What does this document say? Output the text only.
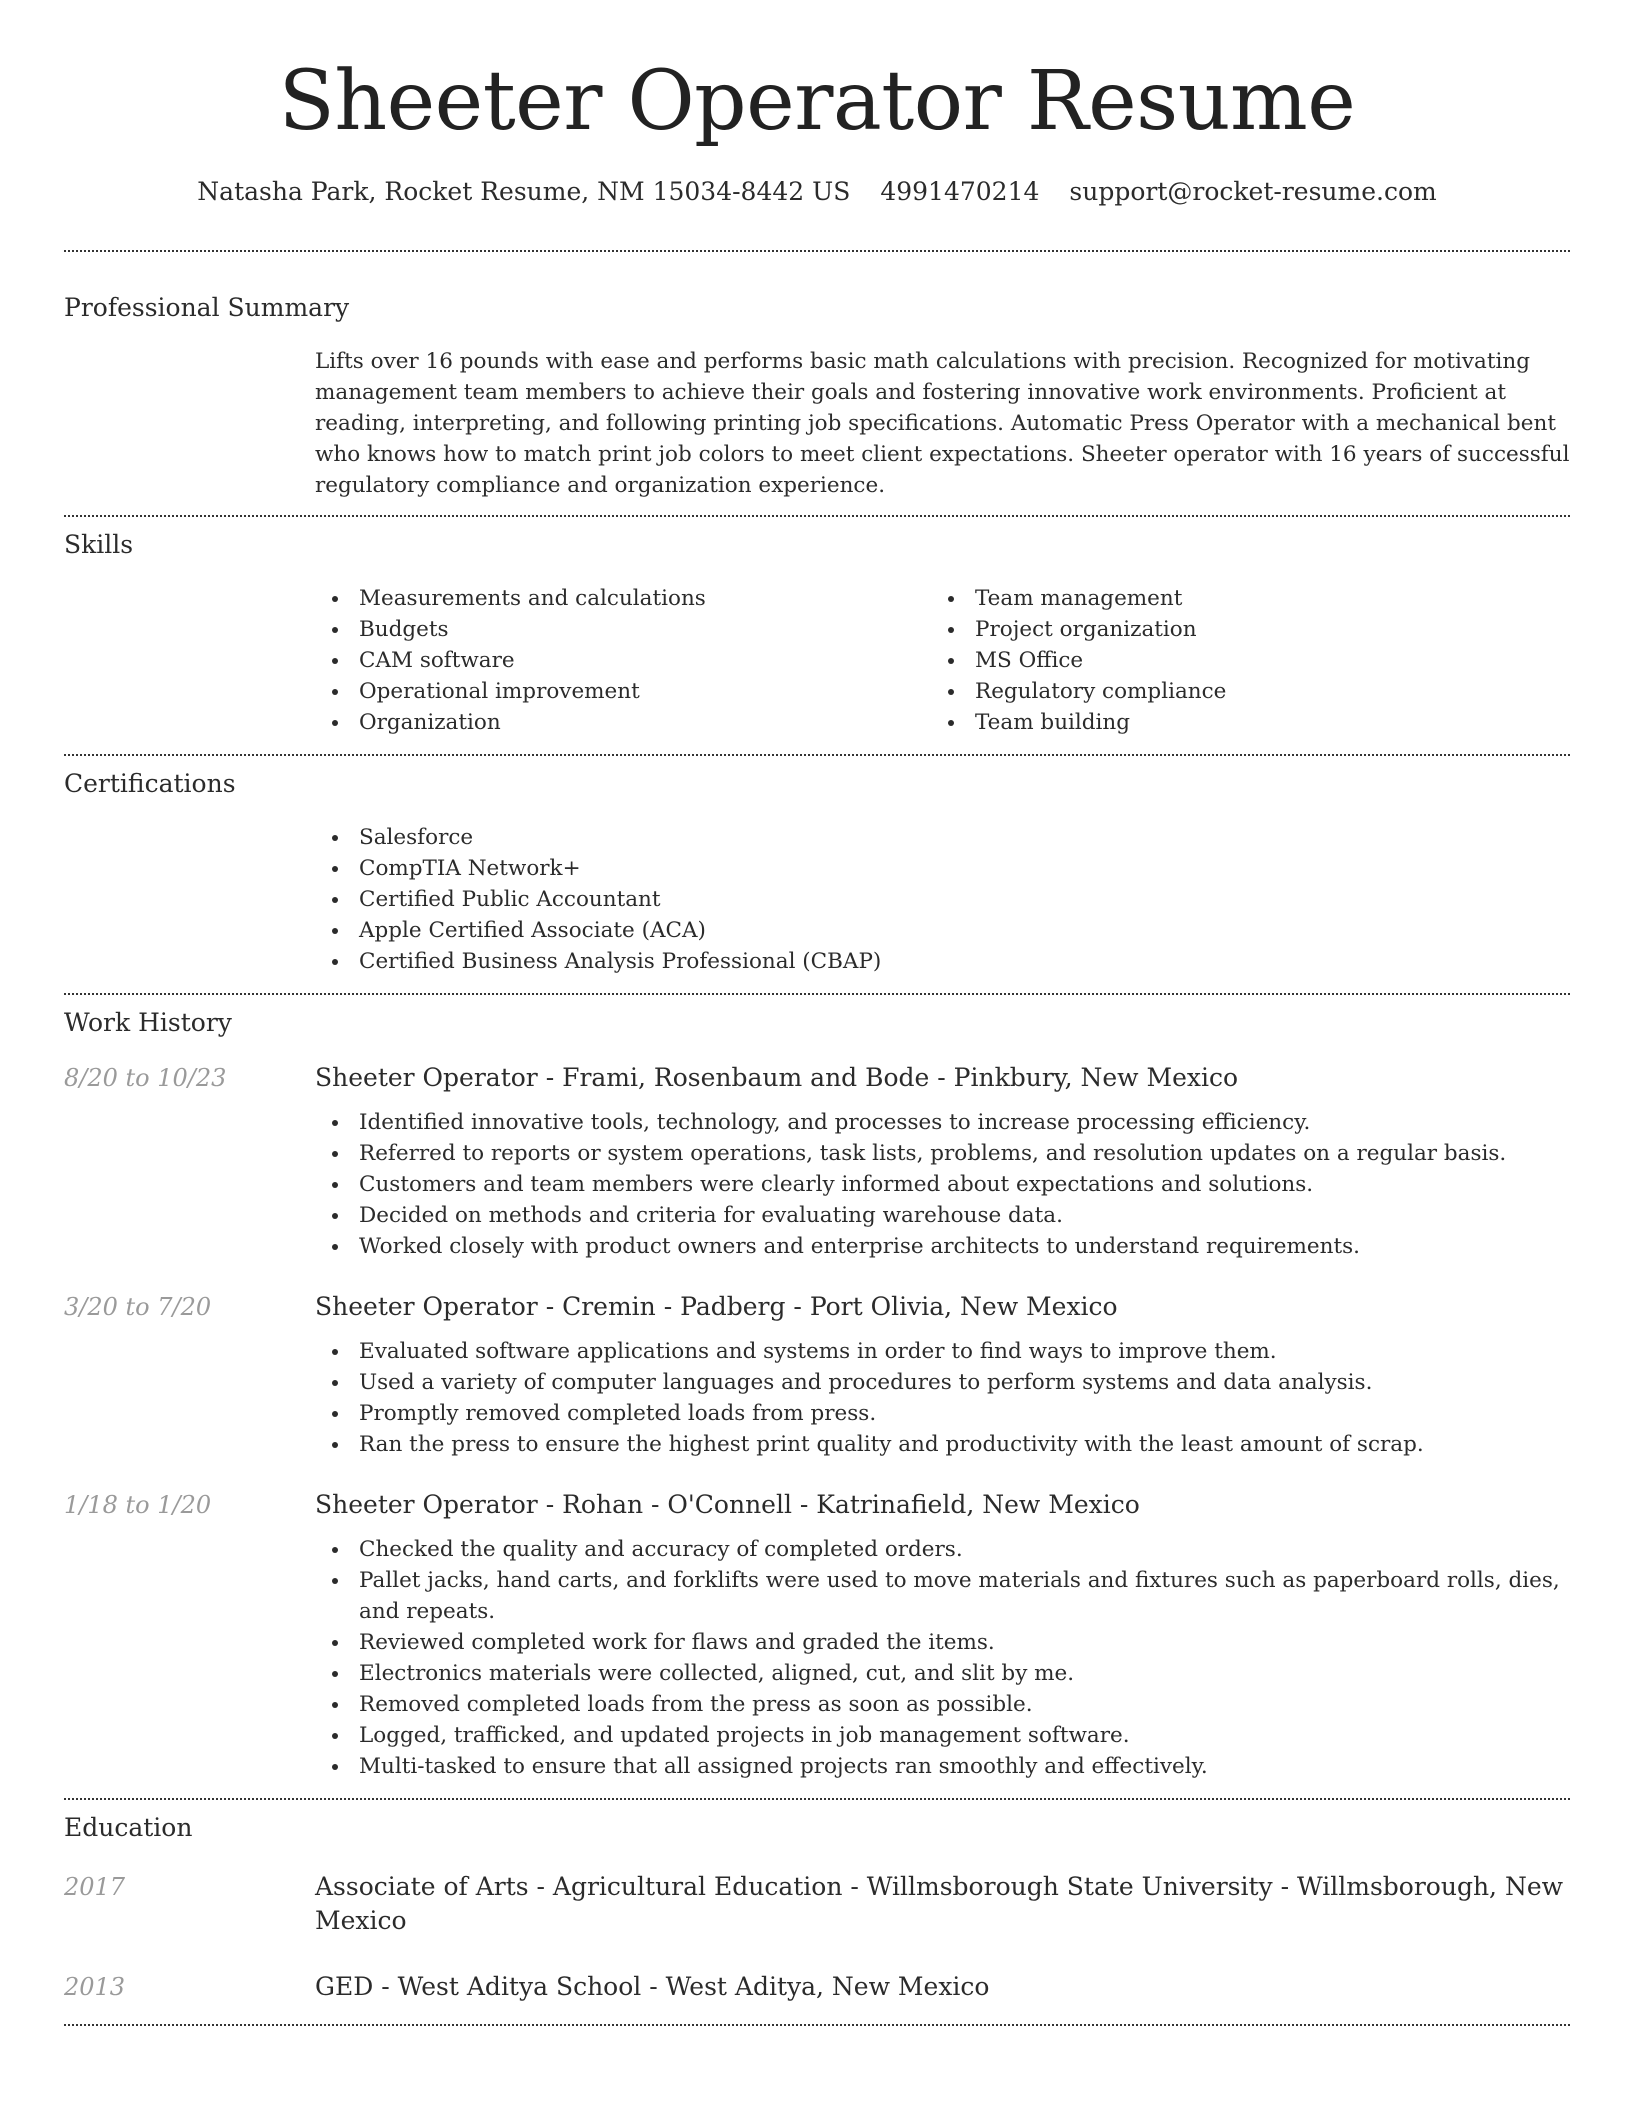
Sheeter Operator Resume
Natasha Park, Rocket Resume, NM 15034-8442 US 4991470214 support@rocket-resume.com
Professional Summary

Lifts over 16 pounds with ease and performs basic math calculations with precision. Recognized for motivating management team members to achieve their goals and fostering innovative work environments. Proficient at reading, interpreting, and following printing job specifications. Automatic Press Operator with a mechanical bent who knows how to match print job colors to meet client expectations. Sheeter operator with 16 years of successful regulatory compliance and organization experience.

Skills
Measurements and calculations
Budgets
CAM software
Operational improvement
Organization
Team management
Project organization
MS Office
Regulatory compliance
Team building
Certifications
Salesforce
CompTIA Network+
Certified Public Accountant
Apple Certified Associate (ACA)
Certified Business Analysis Professional (CBAP)
Work History
8/20 to 10/23	Sheeter Operator - Frami, Rosenbaum and Bode - Pinkbury, New Mexico
Identified innovative tools, technology, and processes to increase processing efficiency.
Referred to reports or system operations, task lists, problems, and resolution updates on a regular basis.
Customers and team members were clearly informed about expectations and solutions.
Decided on methods and criteria for evaluating warehouse data.
Worked closely with product owners and enterprise architects to understand requirements.
3/20 to 7/20	Sheeter Operator - Cremin - Padberg - Port Olivia, New Mexico
Evaluated software applications and systems in order to find ways to improve them.
Used a variety of computer languages and procedures to perform systems and data analysis.
Promptly removed completed loads from press.
Ran the press to ensure the highest print quality and productivity with the least amount of scrap.
1/18 to 1/20	Sheeter Operator - Rohan - O'Connell - Katrinafield, New Mexico
Checked the quality and accuracy of completed orders.
Pallet jacks, hand carts, and forklifts were used to move materials and fixtures such as paperboard rolls, dies, and repeats.
Reviewed completed work for flaws and graded the items.
Electronics materials were collected, aligned, cut, and slit by me.
Removed completed loads from the press as soon as possible.
Logged, trafficked, and updated projects in job management software.
Multi-tasked to ensure that all assigned projects ran smoothly and effectively.
Education
2017	Associate of Arts - Agricultural Education - Willmsborough State University - Willmsborough, New Mexico
2013	GED - West Aditya School - West Aditya, New Mexico
